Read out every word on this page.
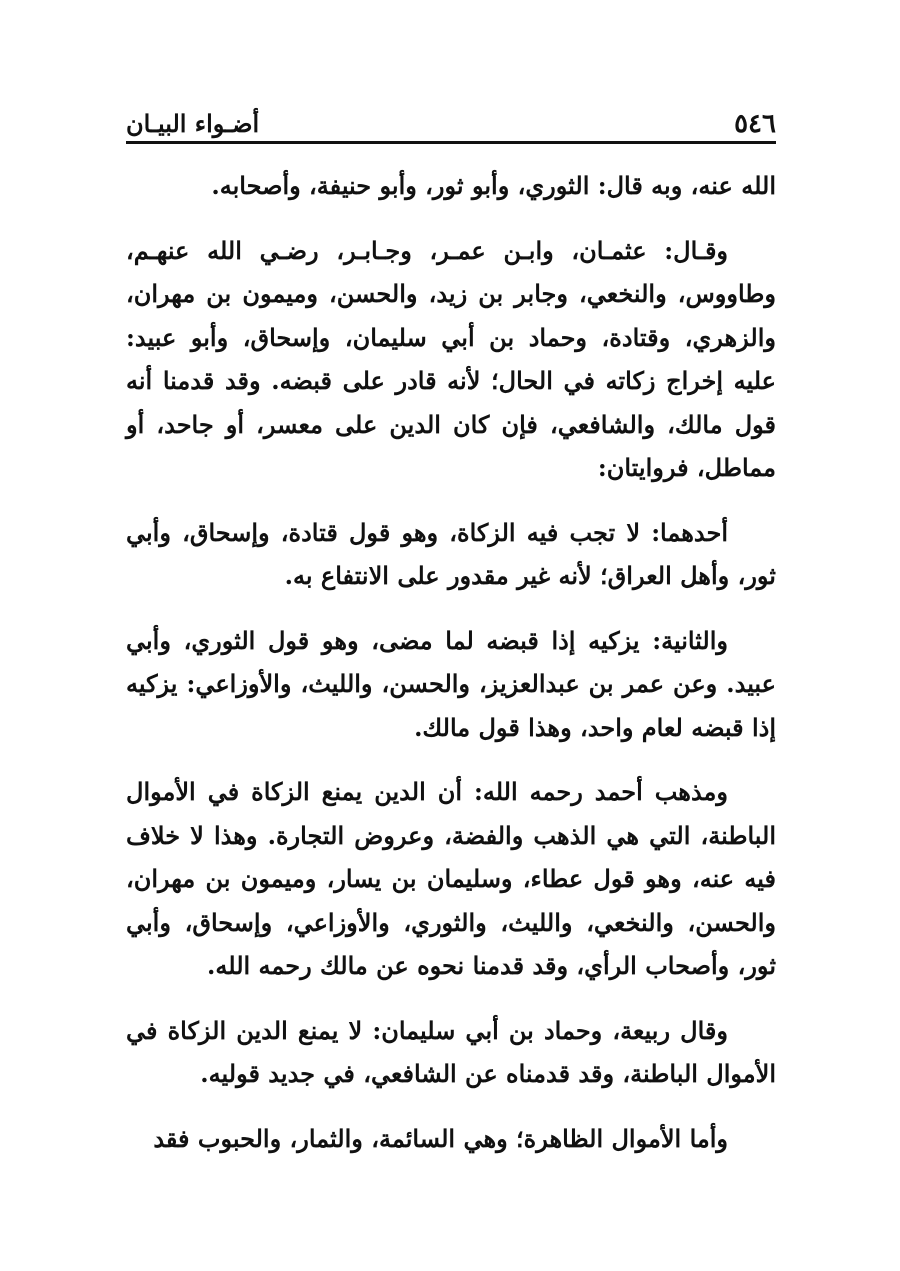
٥٤٦
أضـواء البيـان

الله عنه، وبه قال: الثوري، وأبو ثور، وأبو حنيفة، وأصحابه.

وقـال: عثمـان، وابـن عمـر، وجـابـر، رضـي الله عنهـم، وطاووس، والنخعي، وجابر بن زيد، والحسن، وميمون بن مهران، والزهري، وقتادة، وحماد بن أبي سليمان، وإسحاق، وأبو عبيد: عليه إخراج زكاته في الحال؛ لأنه قادر على قبضه. وقد قدمنا أنه قول مالك، والشافعي، فإن كان الدين على معسر، أو جاحد، أو مماطل، فروايتان:

أحدهما: لا تجب فيه الزكاة، وهو قول قتادة، وإسحاق، وأبي ثور، وأهل العراق؛ لأنه غير مقدور على الانتفاع به.

والثانية: يزكيه إذا قبضه لما مضى، وهو قول الثوري، وأبي عبيد. وعن عمر بن عبدالعزيز، والحسن، والليث، والأوزاعي: يزكيه إذا قبضه لعام واحد، وهذا قول مالك.

ومذهب أحمد رحمه الله: أن الدين يمنع الزكاة في الأموال الباطنة، التي هي الذهب والفضة، وعروض التجارة. وهذا لا خلاف فيه عنه، وهو قول عطاء، وسليمان بن يسار، وميمون بن مهران، والحسن، والنخعي، والليث، والثوري، والأوزاعي، وإسحاق، وأبي ثور، وأصحاب الرأي، وقد قدمنا نحوه عن مالك رحمه الله.

وقال ربيعة، وحماد بن أبي سليمان: لا يمنع الدين الزكاة في الأموال الباطنة، وقد قدمناه عن الشافعي، في جديد قوليه.

وأما الأموال الظاهرة؛ وهي السائمة، والثمار، والحبوب فقد
